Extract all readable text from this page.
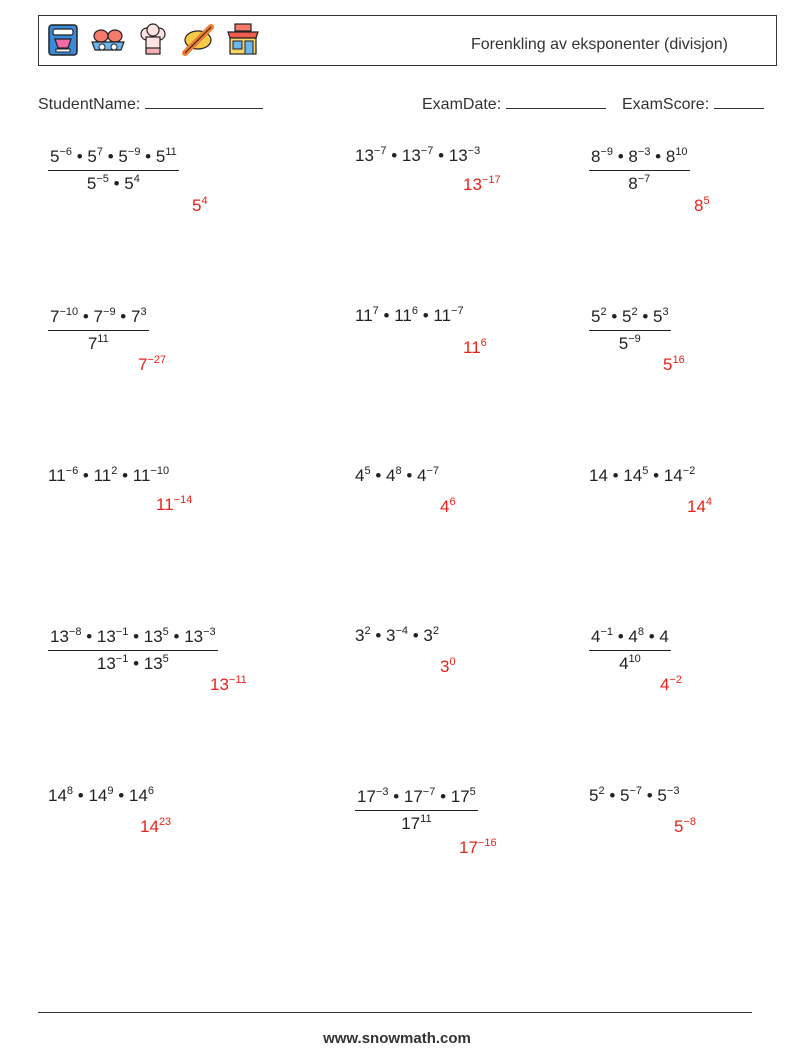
Forenkling av eksponenter (divisjon)
StudentName:	ExamDate:	ExamScore:
$\frac{5^{-6} • 5^7 • 5^{-9} • 5^{11}}{5^{-5} • 5^4}$
$5^4$
$13^{-7}$ • $13^{-7}$ • $13^{-3}$
$13^{-17}$	$\frac{8^{-9} • 8^{-3} • 8^{10}}{8^{-7}}$
$8^5$
$\frac{7^{-10} • 7^{-9} • 7^3}{7^{11}}$
$7^{-27}$
$11^7$ • $11^6$ • $11^{-7}$
$11^6$	$\frac{5^2 • 5^2 • 5^3}{5^{-9}}$
$5^{16}$
$11^{-6}$ • $11^2$ • $11^{-10}$
$11^{-14}$
$4^5$ • $4^8$ • $4^{-7}$
$4^6$
14 • $14^5$ • $14^{-2}$
$14^4$
$\frac{13^{-8} • 13^{-1} • 13^5 • 13^{-3}}{13^{-1} • 13^5}$
$13^{-11}$
$3^2$ • $3^{-4}$ • $3^2$
$3^0$	$\frac{4^{-1} • 4^8 • 4}{4^{10}}$
$4^{-2}$
$14^8$ • $14^9$ • $14^6$
$14^{23}$	$\frac{17^{-3} • 17^{-7} • 17^5}{17^{11}}$
$17^{-16}$
$5^2$ • $5^{-7}$ • $5^{-3}$
$5^{-8}$
www.snowmath.com
